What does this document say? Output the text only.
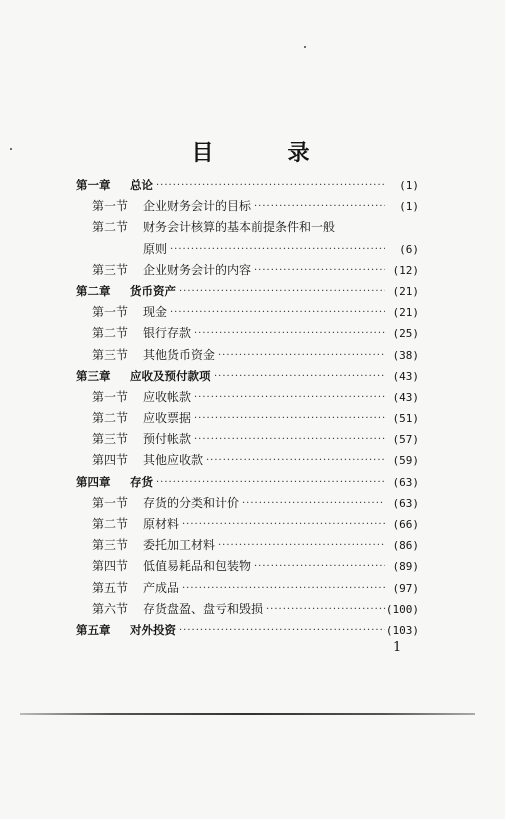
目　录
第一章 总论 ·····	(1)
第一节 企业财务会计的目标 ·····	(1)
第二节 财务会计核算的基本前提条件和一般
原则 ·····	(6)
第三节 企业财务会计的内容 ·····	(12)
第二章 货币资产 ·····	(21)
第一节 现金 ·····	(21)
第二节 银行存款 ·····	(25)
第三节 其他货币资金 ·····	(38)
第三章 应收及预付款项 ·····	(43)
第一节 应收帐款 ·····	(43)
第二节 应收票据 ·····	(51)
第三节 预付帐款 ·····	(57)
第四节 其他应收款 ·····	(59)
第四章 存货 ·····	(63)
第一节 存货的分类和计价 ·····	(63)
第二节 原材料 ·····	(66)
第三节 委托加工材料 ·····	(86)
第四节 低值易耗品和包装物 ·····	(89)
第五节 产成品 ·····	(97)
第六节 存货盘盈、盘亏和毁损 ·····	(100)
第五章 对外投资 ·····	(103)
1
